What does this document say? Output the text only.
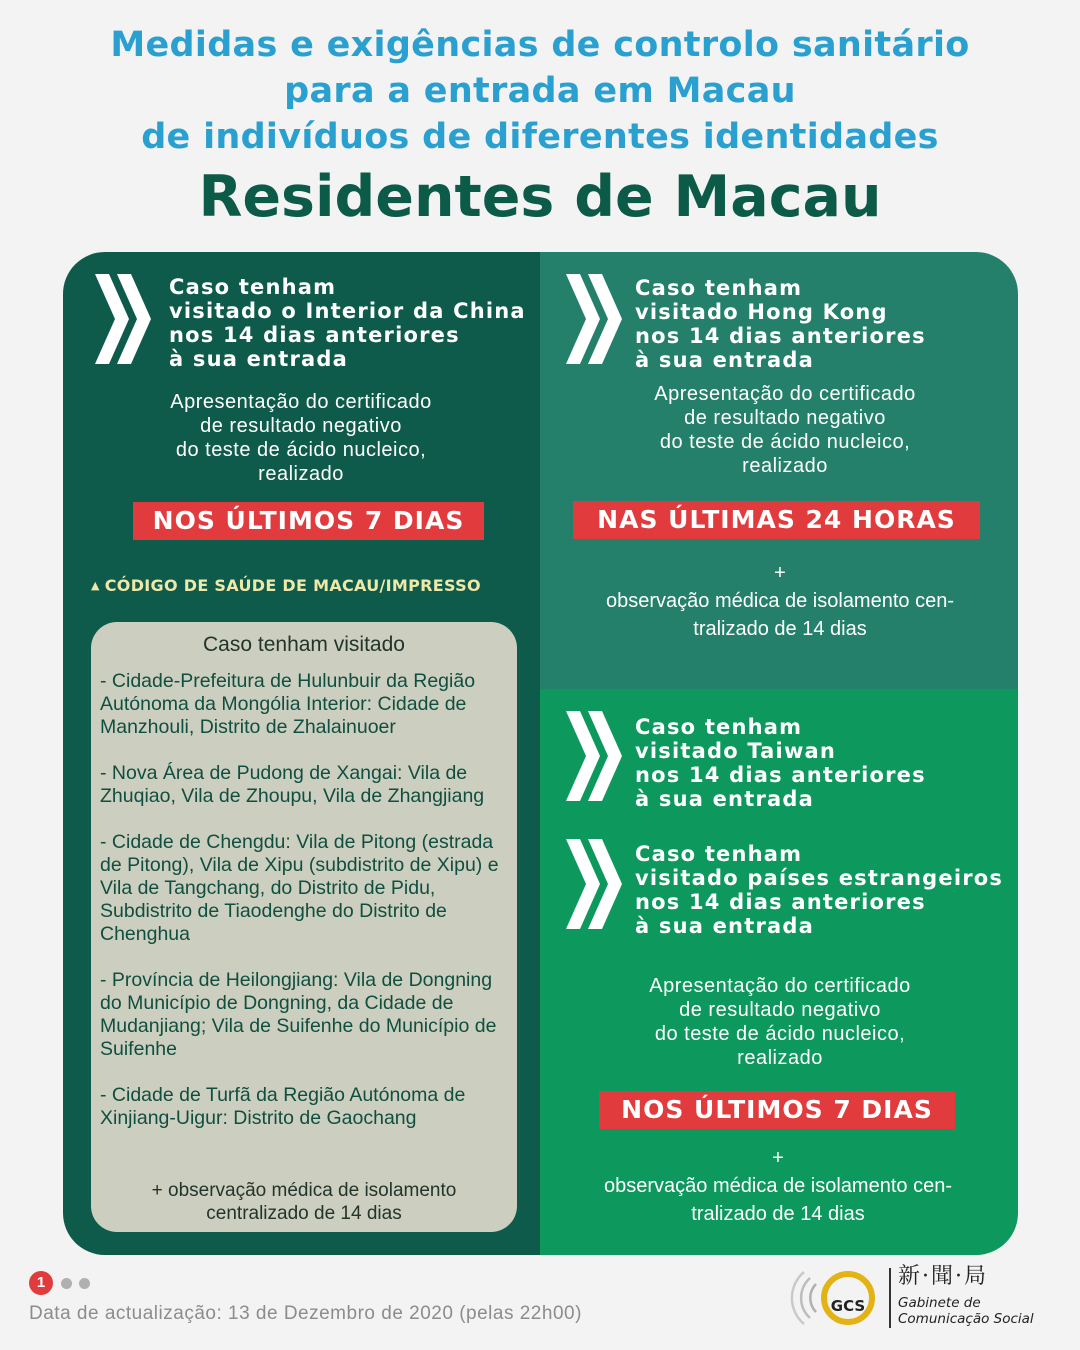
Medidas e exigências de controlo sanitário
para a entrada em Macau
de indivíduos de diferentes identidades
Residentes de Macau
Caso tenham
visitado o Interior da China
nos 14 dias anteriores
à sua entrada
Apresentação do certificado
de resultado negativo
do teste de ácido nucleico,
realizado
NOS ÚLTIMOS 7 DIAS
▲ CÓDIGO DE SAÚDE DE MACAU/IMPRESSO
Caso tenham visitado
- Cidade-Prefeitura de Hulunbuir da Região Autónoma da Mongólia Interior: Cidade de Manzhouli, Distrito de Zhalainuoer
- Nova Área de Pudong de Xangai: Vila de Zhuqiao, Vila de Zhoupu, Vila de Zhangjiang
- Cidade de Chengdu: Vila de Pitong (estrada de Pitong), Vila de Xipu (subdistrito de Xipu) e Vila de Tangchang, do Distrito de Pidu, Subdistrito de Tiaodenghe do Distrito de Chenghua
- Província de Heilongjiang: Vila de Dongning do Município de Dongning, da Cidade de Mudanjiang; Vila de Suifenhe do Município de Suifenhe
- Cidade de Turfã da Região Autónoma de Xinjiang-Uigur: Distrito de Gaochang
+ observação médica de isolamento
centralizado de 14 dias
Caso tenham
visitado Hong Kong
nos 14 dias anteriores
à sua entrada
Apresentação do certificado
de resultado negativo
do teste de ácido nucleico,
realizado
NAS ÚLTIMAS 24 HORAS
+
observação médica de isolamento cen-
tralizado de 14 dias
Caso tenham
visitado Taiwan
nos 14 dias anteriores
à sua entrada
Caso tenham
visitado países estrangeiros
nos 14 dias anteriores
à sua entrada
Apresentação do certificado
de resultado negativo
do teste de ácido nucleico,
realizado
NOS ÚLTIMOS 7 DIAS
+
observação médica de isolamento cen-
tralizado de 14 dias
1
Data de actualização: 13 de Dezembro de 2020 (pelas 22h00)	GCS
新·聞·局
Gabinete de
Comunicação Social
